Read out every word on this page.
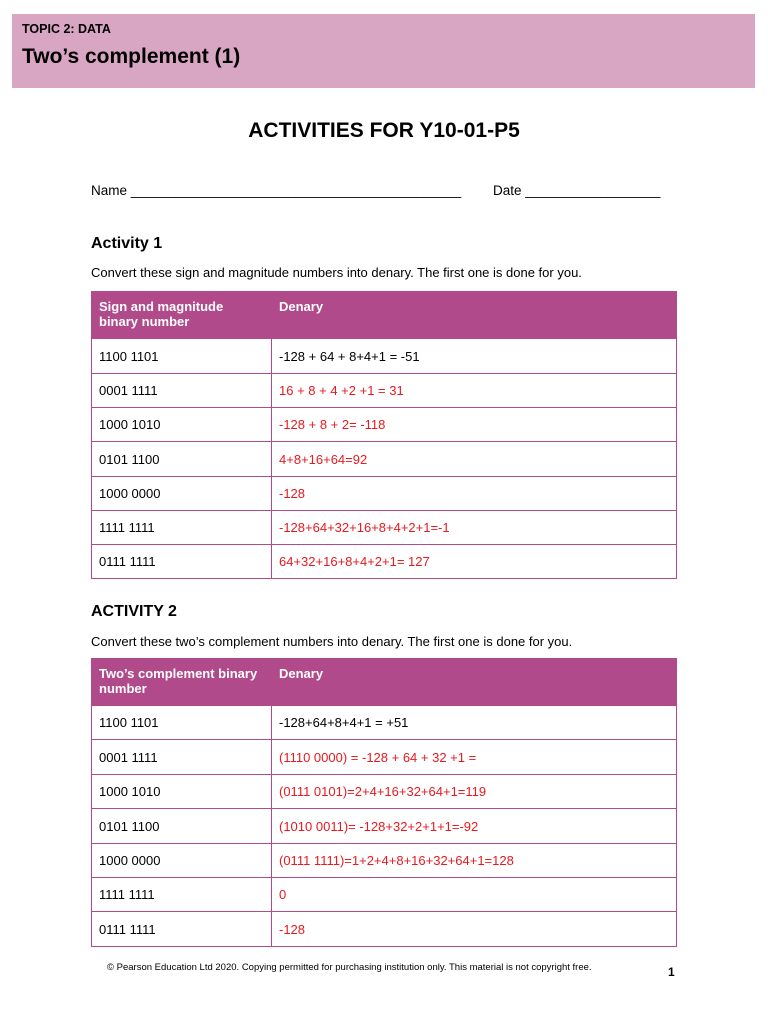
TOPIC 2: DATA
Two’s complement (1)
ACTIVITIES FOR Y10-01-P5
Name ____________________________________________ Date __________________
Activity 1
Convert these sign and magnitude numbers into denary. The first one is done for you.
Sign and magnitude binary number	Denary
1100 1101	-128 + 64 + 8+4+1 = -51
0001 1111	16 + 8 + 4 +2 +1 = 31
1000 1010	-128 + 8 + 2= -118
0101 1100	4+8+16+64=92
1000 0000	-128
1111 1111	-128+64+32+16+8+4+2+1=-1
0111 1111	64+32+16+8+4+2+1= 127
ACTIVITY 2
Convert these two’s complement numbers into denary. The first one is done for you.
Two’s complement binary number	Denary
1100 1101	-128+64+8+4+1 = +51
0001 1111	(1110 0000) = -128 + 64 + 32 +1 =
1000 1010	(0111 0101)=2+4+16+32+64+1=119
0101 1100	(1010 0011)= -128+32+2+1+1=-92
1000 0000	(0111 1111)=1+2+4+8+16+32+64+1=128
1111 1111	0
0111 1111	-128
© Pearson Education Ltd 2020. Copying permitted for purchasing institution only. This material is not copyright free.	1
